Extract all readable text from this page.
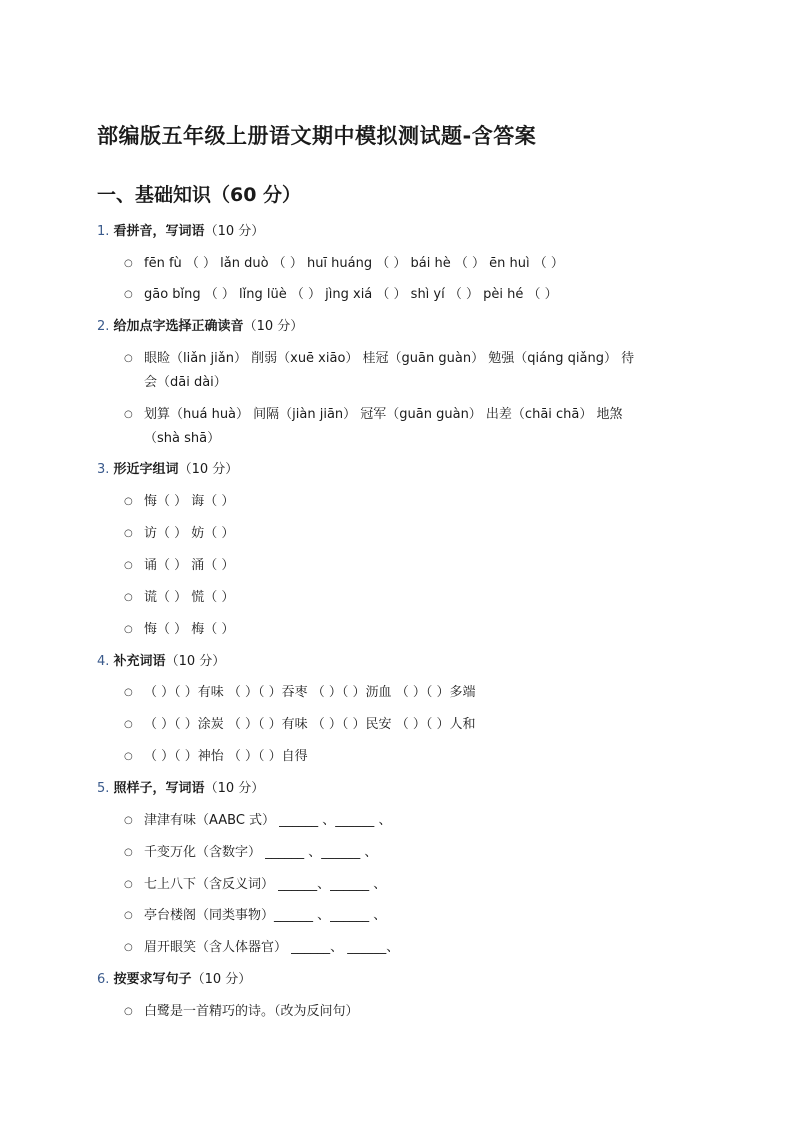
部编版五年级上册语文期中模拟测试题-含答案
一、基础知识（60 分）
1. 看拼音，写词语（10 分）
○ fēn fù （ ） lǎn duò （ ） huī huáng （ ） bái hè （ ） ēn huì （ ）
○ gāo bǐng （ ） lǐng lüè （ ） jìng xiá （ ） shì yí （ ） pèi hé （ ）
2. 给加点字选择正确读音（10 分）
○ 眼睑（liǎn jiǎn） 削弱（xuē xiāo） 桂冠（guān guàn） 勉强（qiáng qiǎng） 待
会（dāi dài）
○ 划算（huá huà） 间隔（jiàn jiān） 冠军（guān guàn） 出差（chāi chā） 地煞
（shà shā）
3. 形近字组词（10 分）
○ 悔（ ） 诲（ ）
○ 访（ ） 妨（ ）
○ 诵（ ） 涌（ ）
○ 谎（ ） 慌（ ）
○ 悔（ ） 梅（ ）
4. 补充词语（10 分）
○ （ ）（ ）有味 （ ）（ ）吞枣 （ ）（ ）沥血 （ ）（ ）多端
○ （ ）（ ）涂炭 （ ）（ ）有味 （ ）（ ）民安 （ ）（ ）人和
○ （ ）（ ）神怡 （ ）（ ）自得
5. 照样子，写词语（10 分）
○ 津津有味（AABC 式） ______ 、______ 、
○ 千变万化（含数字） ______ 、______ 、
○ 七上八下（含反义词） ______、______ 、
○ 亭台楼阁（同类事物）______ 、______ 、
○ 眉开眼笑（含人体器官） ______、 ______、
6. 按要求写句子（10 分）
○ 白鹭是一首精巧的诗。（改为反问句）
